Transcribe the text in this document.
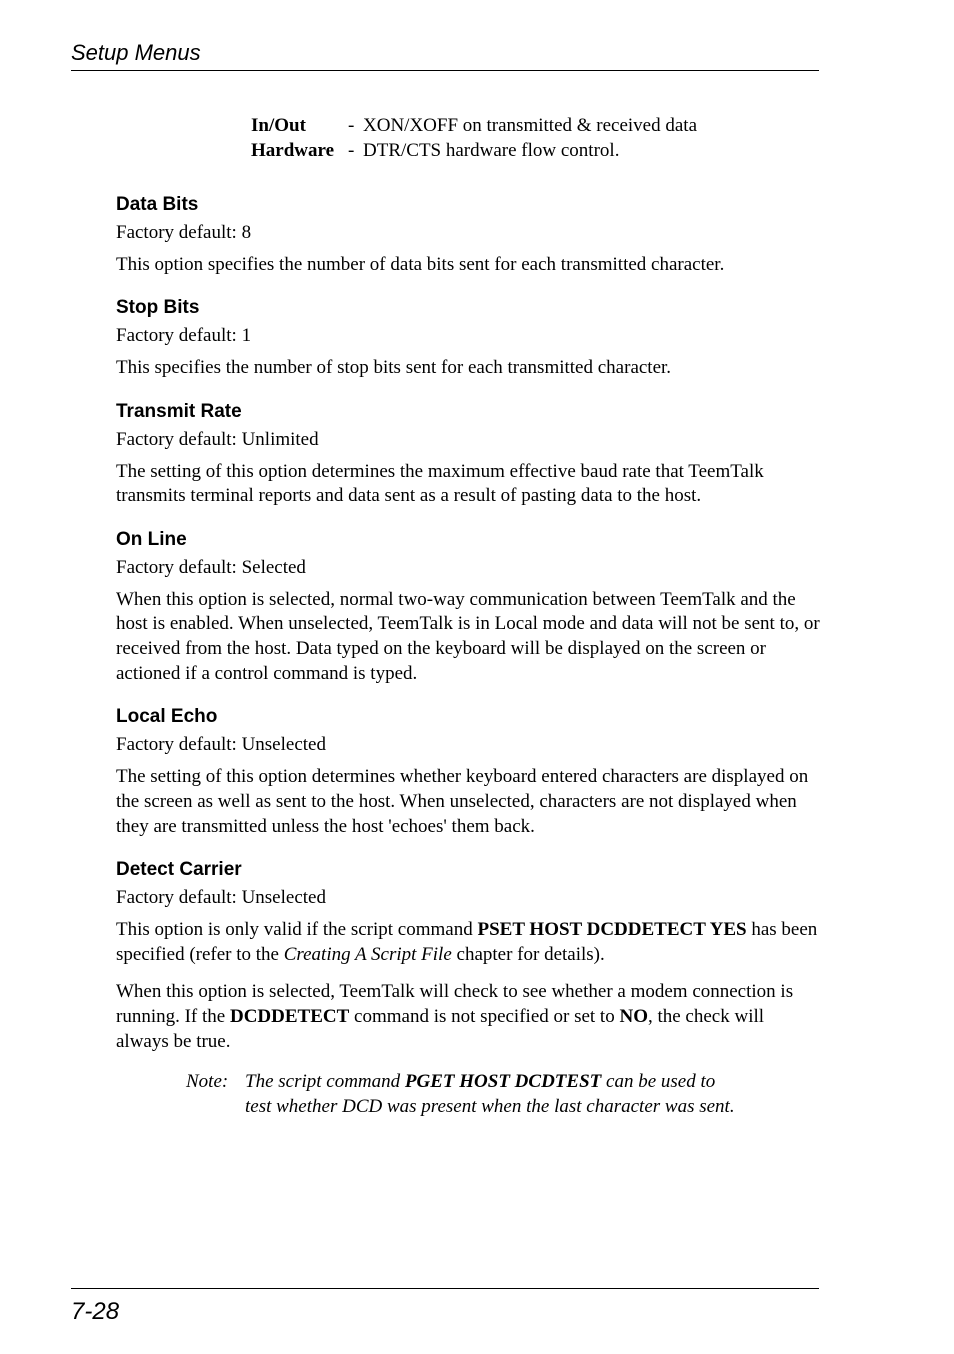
Setup Menus
In/Out	-	XON/XOFF on transmitted & received data
Hardware	-	DTR/CTS hardware flow control.
Data Bits
Factory default: 8
This option specifies the number of data bits sent for each transmitted character.
Stop Bits
Factory default: 1
This specifies the number of stop bits sent for each transmitted character.
Transmit Rate
Factory default: Unlimited
The setting of this option determines the maximum effective baud rate that TeemTalk transmits terminal reports and data sent as a result of pasting data to the host.
On Line
Factory default: Selected
When this option is selected, normal two-way communication between TeemTalk and the host is enabled. When unselected, TeemTalk is in Local mode and data will not be sent to, or received from the host. Data typed on the keyboard will be displayed on the screen or actioned if a control command is typed.
Local Echo
Factory default: Unselected
The setting of this option determines whether keyboard entered characters are displayed on the screen as well as sent to the host. When unselected, characters are not displayed when they are transmitted unless the host 'echoes' them back.
Detect Carrier
Factory default: Unselected
This option is only valid if the script command PSET HOST DCDDETECT YES has been specified (refer to the Creating A Script File chapter for details).
When this option is selected, TeemTalk will check to see whether a modem connection is running. If the DCDDETECT command is not specified or set to NO, the check will always be true.
Note: The script command PGET HOST DCDTEST can be used to test whether DCD was present when the last character was sent.
7-28
